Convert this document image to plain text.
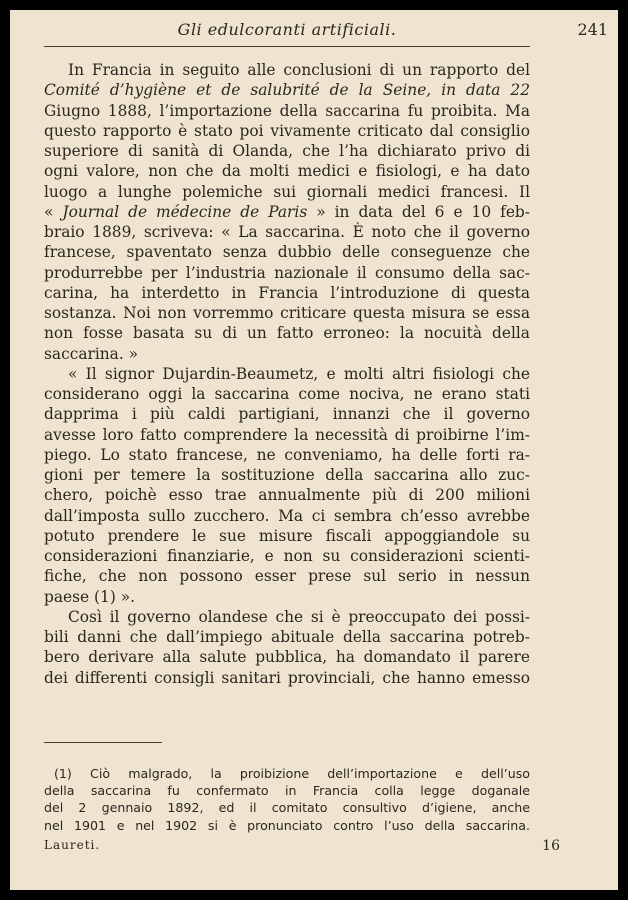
Gli edulcoranti artificiali.	241
In Francia in seguito alle conclusioni di un rapporto del
Comité d’hygiène et de salubrité de la Seine, in data 22
Giugno 1888, l’importazione della saccarina fu proibita. Ma
questo rapporto è stato poi vivamente criticato dal consiglio
superiore di sanità di Olanda, che l’ha dichiarato privo di
ogni valore, non che da molti medici e fisiologi, e ha dato
luogo a lunghe polemiche sui giornali medici francesi. Il
« Journal de médecine de Paris » in data del 6 e 10 feb-
braio 1889, scriveva: « La saccarina. È noto che il governo
francese, spaventato senza dubbio delle conseguenze che
produrrebbe per l’industria nazionale il consumo della sac-
carina, ha interdetto in Francia l’introduzione di questa
sostanza. Noi non vorremmo criticare questa misura se essa
non fosse basata su di un fatto erroneo: la nocuità della
saccarina. »
« Il signor Dujardin-Beaumetz, e molti altri fisiologi che
considerano oggi la saccarina come nociva, ne erano stati
dapprima i più caldi partigiani, innanzi che il governo
avesse loro fatto comprendere la necessità di proibirne l’im-
piego. Lo stato francese, ne conveniamo, ha delle forti ra-
gioni per temere la sostituzione della saccarina allo zuc-
chero, poichè esso trae annualmente più di 200 milioni
dall’imposta sullo zucchero. Ma ci sembra ch’esso avrebbe
potuto prendere le sue misure fiscali appoggiandole su
considerazioni finanziarie, e non su considerazioni scienti-
fiche, che non possono esser prese sul serio in nessun
paese (1) ».
Così il governo olandese che si è preoccupato dei possi-
bili danni che dall’impiego abituale della saccarina potreb-
bero derivare alla salute pubblica, ha domandato il parere
dei differenti consigli sanitari provinciali, che hanno emesso
(1) Ciò malgrado, la proibizione dell’importazione e dell’uso
della saccarina fu confermato in Francia colla legge doganale
del 2 gennaio 1892, ed il comitato consultivo d’igiene, anche
nel 1901 e nel 1902 si è pronunciato contro l’uso della saccarina.
Laureti.	16
